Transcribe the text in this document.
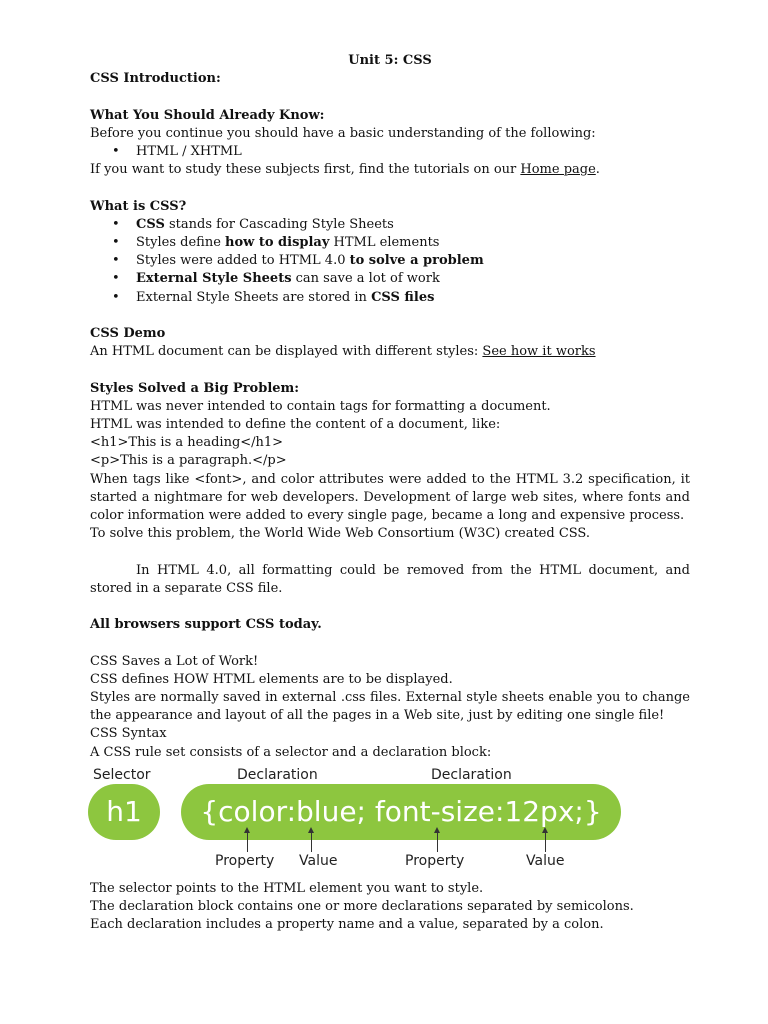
Unit 5: CSS
CSS Introduction:
What You Should Already Know:
Before you continue you should have a basic understanding of the following:
• HTML / XHTML
If you want to study these subjects first, find the tutorials on our Home page.
What is CSS?
• CSS stands for Cascading Style Sheets
• Styles define how to display HTML elements
• Styles were added to HTML 4.0 to solve a problem
• External Style Sheets can save a lot of work
• External Style Sheets are stored in CSS files
CSS Demo
An HTML document can be displayed with different styles: See how it works
Styles Solved a Big Problem:
HTML was never intended to contain tags for formatting a document.
HTML was intended to define the content of a document, like:
<h1>This is a heading</h1>
<p>This is a paragraph.</p>
When tags like <font>, and color attributes were added to the HTML 3.2 specification, it started a nightmare for web developers. Development of large web sites, where fonts and color information were added to every single page, became a long and expensive process.
To solve this problem, the World Wide Web Consortium (W3C) created CSS.
In HTML 4.0, all formatting could be removed from the HTML document, and stored in a separate CSS file.
All browsers support CSS today.
CSS Saves a Lot of Work!
CSS defines HOW HTML elements are to be displayed.
Styles are normally saved in external .css files. External style sheets enable you to change the appearance and layout of all the pages in a Web site, just by editing one single file!
CSS Syntax
A CSS rule set consists of a selector and a declaration block:
Selector	Declaration	Declaration
h1 {color:blue; font-size:12px;}
Property Value	Property	Value
The selector points to the HTML element you want to style.
The declaration block contains one or more declarations separated by semicolons.
Each declaration includes a property name and a value, separated by a colon.
